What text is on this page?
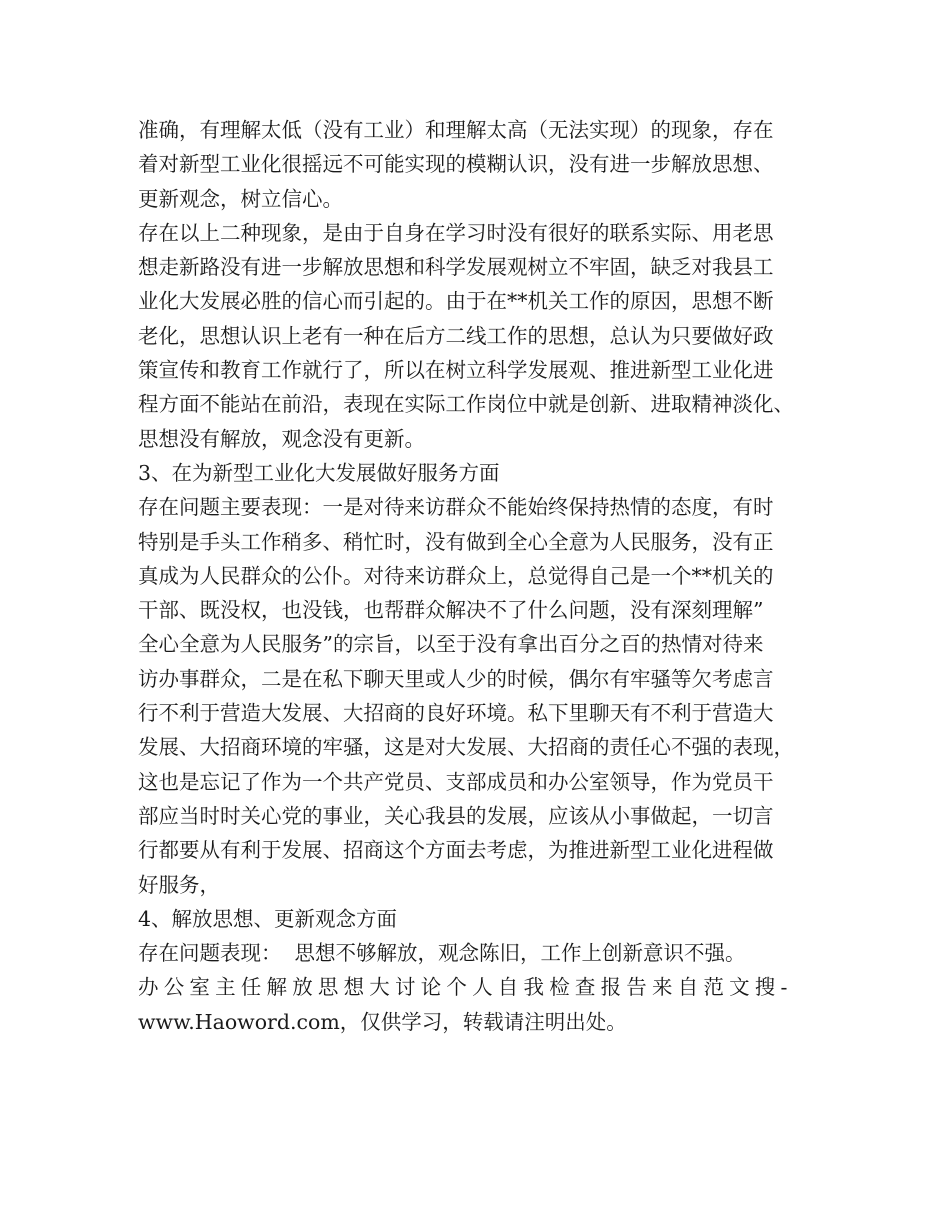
准确，有理解太低（没有工业）和理解太高（无法实现）的现象，存在

着对新型工业化很摇远不可能实现的模糊认识，没有进一步解放思想、

更新观念，树立信心。

存在以上二种现象，是由于自身在学习时没有很好的联系实际、用老思

想走新路没有进一步解放思想和科学发展观树立不牢固，缺乏对我县工

业化大发展必胜的信心而引起的。由于在**机关工作的原因，思想不断

老化，思想认识上老有一种在后方二线工作的思想，总认为只要做好政

策宣传和教育工作就行了，所以在树立科学发展观、推进新型工业化进

程方面不能站在前沿，表现在实际工作岗位中就是创新、进取精神淡化、

思想没有解放，观念没有更新。

3、在为新型工业化大发展做好服务方面

存在问题主要表现：一是对待来访群众不能始终保持热情的态度，有时

特别是手头工作稍多、稍忙时，没有做到全心全意为人民服务，没有正

真成为人民群众的公仆。对待来访群众上，总觉得自己是一个**机关的

干部、既没权，也没钱，也帮群众解决不了什么问题，没有深刻理解”

全心全意为人民服务”的宗旨，以至于没有拿出百分之百的热情对待来

访办事群众，二是在私下聊天里或人少的时候，偶尔有牢骚等欠考虑言

行不利于营造大发展、大招商的良好环境。私下里聊天有不利于营造大

发展、大招商环境的牢骚，这是对大发展、大招商的责任心不强的表现，

这也是忘记了作为一个共产党员、支部成员和办公室领导，作为党员干

部应当时时关心党的事业，关心我县的发展，应该从小事做起，一切言

行都要从有利于发展、招商这个方面去考虑，为推进新型工业化进程做

好服务，

4、解放思想、更新观念方面

存在问题表现：  思想不够解放，观念陈旧，工作上创新意识不强。

办公室主任解放思想大讨论个人自我检查报告来自范文搜-

www.Haoword.com，仅供学习，转载请注明出处。
